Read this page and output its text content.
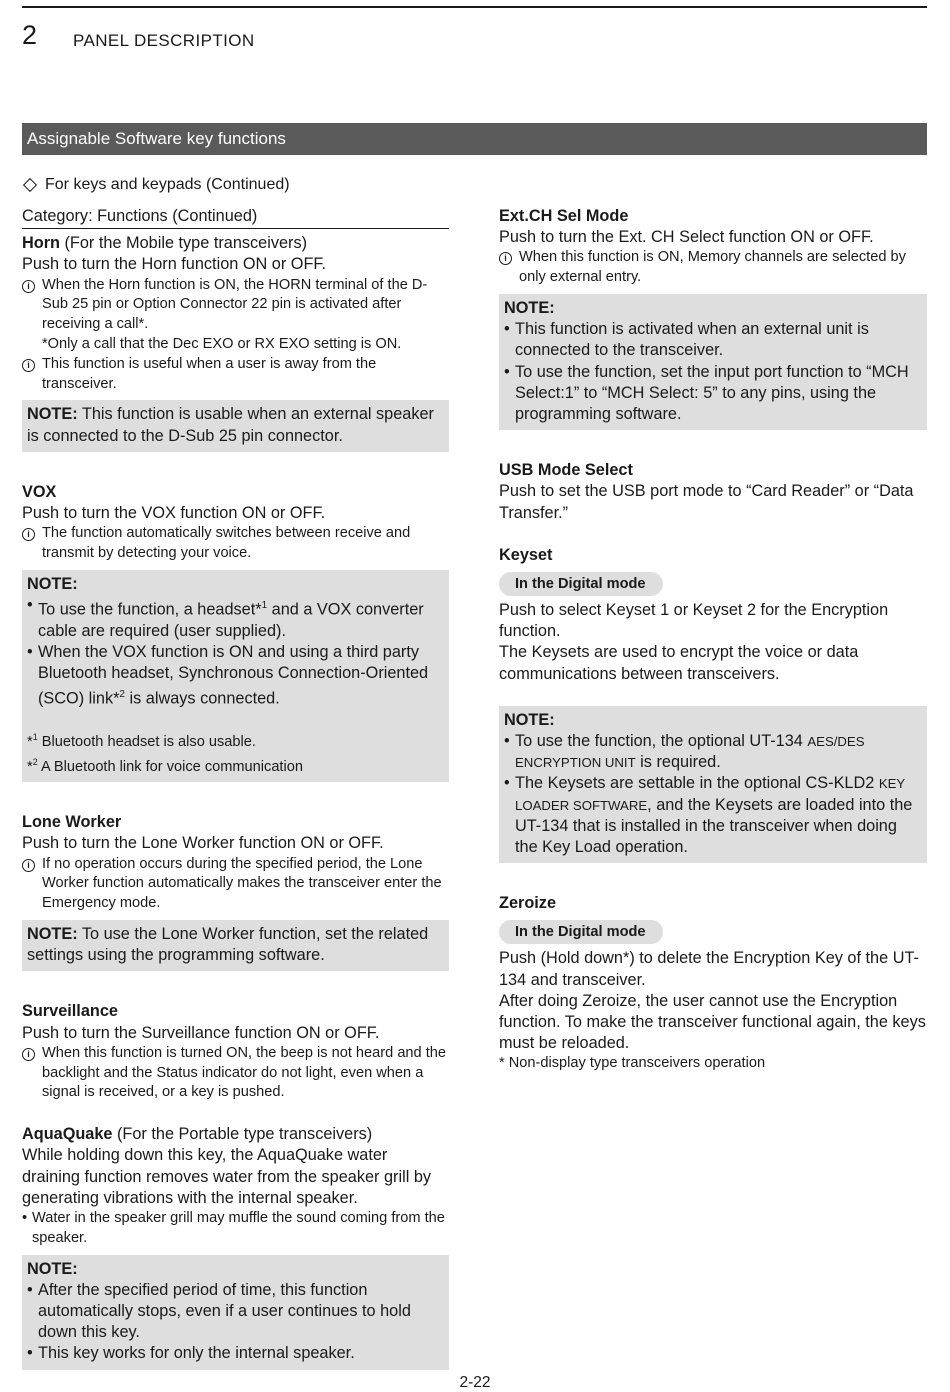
2 PANEL DESCRIPTION
Assignable Software key functions
For keys and keypads (Continued)
Category: Functions (Continued)
Horn (For the Mobile type transceivers)
Push to turn the Horn function ON or OFF.
i When the Horn function is ON, the HORN terminal of the D-Sub 25 pin or Option Connector 22 pin is activated after receiving a call*.
*Only a call that the Dec EXO or RX EXO setting is ON.
i This function is useful when a user is away from the transceiver.
NOTE: This function is usable when an external speaker is connected to the D-Sub 25 pin connector.
VOX
Push to turn the VOX function ON or OFF.
i The function automatically switches between receive and transmit by detecting your voice.
NOTE:
• To use the function, a headset*$^1$ and a VOX converter cable are required (user supplied).
• When the VOX function is ON and using a third party Bluetooth headset, Synchronous Connection-Oriented (SCO) link*$^2$ is always connected.
*$^1$ Bluetooth headset is also usable.
*$^2$ A Bluetooth link for voice communication
Lone Worker
Push to turn the Lone Worker function ON or OFF.
i If no operation occurs during the specified period, the Lone Worker function automatically makes the transceiver enter the Emergency mode.
NOTE: To use the Lone Worker function, set the related settings using the programming software.
Surveillance
Push to turn the Surveillance function ON or OFF.
i When this function is turned ON, the beep is not heard and the backlight and the Status indicator do not light, even when a signal is received, or a key is pushed.
AquaQuake (For the Portable type transceivers)
While holding down this key, the AquaQuake water draining function removes water from the speaker grill by generating vibrations with the internal speaker.
• Water in the speaker grill may muffle the sound coming from the speaker.
NOTE:
• After the specified period of time, this function automatically stops, even if a user continues to hold down this key.
• This key works for only the internal speaker.
Ext.CH Sel Mode
Push to turn the Ext. CH Select function ON or OFF.
i When this function is ON, Memory channels are selected by only external entry.
NOTE:
• This function is activated when an external unit is connected to the transceiver.
• To use the function, set the input port function to “MCH Select:1” to “MCH Select: 5” to any pins, using the programming software.
USB Mode Select
Push to set the USB port mode to “Card Reader” or “Data Transfer.”
Keyset
In the Digital mode
Push to select Keyset 1 or Keyset 2 for the Encryption function.
The Keysets are used to encrypt the voice or data communications between transceivers.
NOTE:
• To use the function, the optional UT-134 AES/DES ENCRYPTION UNIT is required.
• The Keysets are settable in the optional CS-KLD2 KEY LOADER SOFTWARE, and the Keysets are loaded into the UT-134 that is installed in the transceiver when doing the Key Load operation.
Zeroize
In the Digital mode
Push (Hold down*) to delete the Encryption Key of the UT-134 and transceiver.
After doing Zeroize, the user cannot use the Encryption function. To make the transceiver functional again, the keys must be reloaded.
* Non-display type transceivers operation
2-22
